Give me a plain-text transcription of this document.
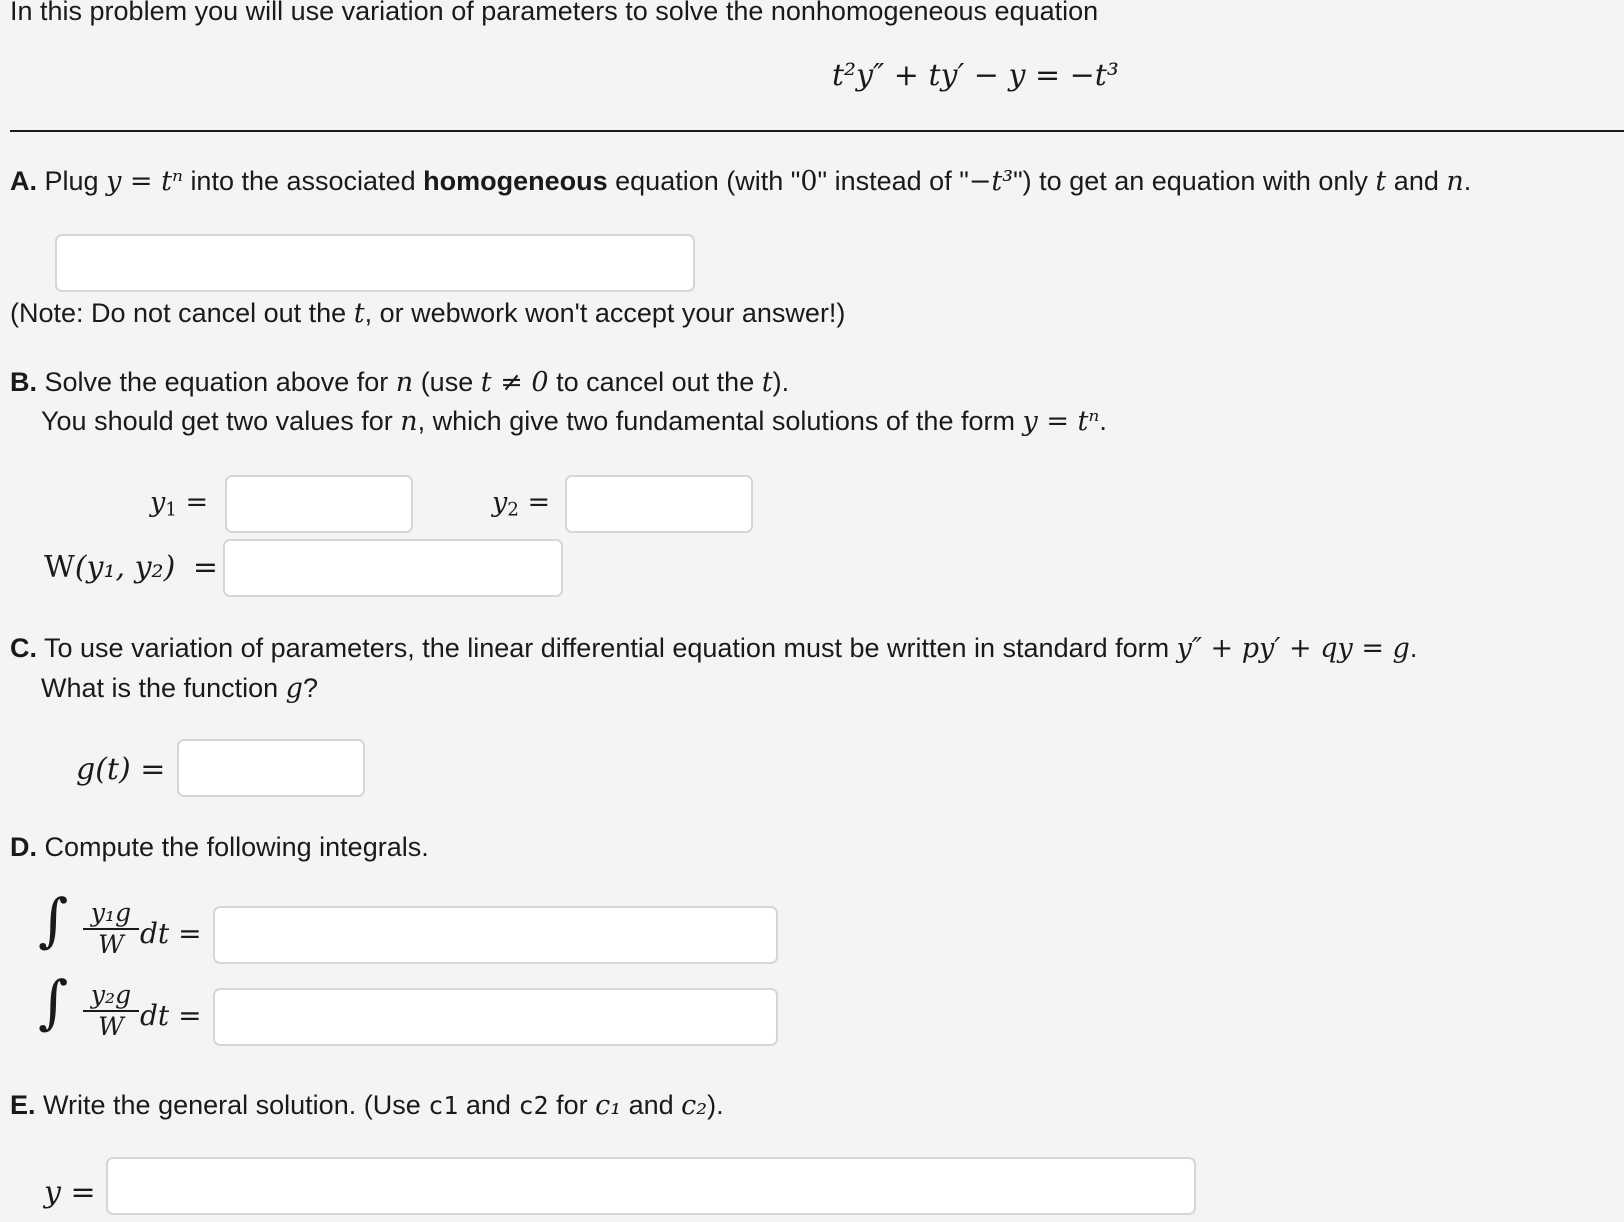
In this problem you will use variation of parameters to solve the nonhomogeneous equation
t²y″ + ty′ − y = −t³
A. Plug y = tⁿ into the associated homogeneous equation (with "0" instead of "−t³") to get an equation with only t and n.
(Note: Do not cancel out the t, or webwork won't accept your answer!)
B. Solve the equation above for n (use t ≠ 0 to cancel out the t).
You should get two values for n, which give two fundamental solutions of the form y = tⁿ.
$y_1$ =	$y_2$ =
W(y₁, y₂) =
C. To use variation of parameters, the linear differential equation must be written in standard form y″ + py′ + qy = g.
What is the function g?
g(t) =
D. Compute the following integrals.
∫ $\frac{\text{y₁g}}{W}$ dt =
∫ $\frac{\text{y₂g}}{W}$ dt =
E. Write the general solution. (Use c1 and c2 for c₁ and c₂).
y =
